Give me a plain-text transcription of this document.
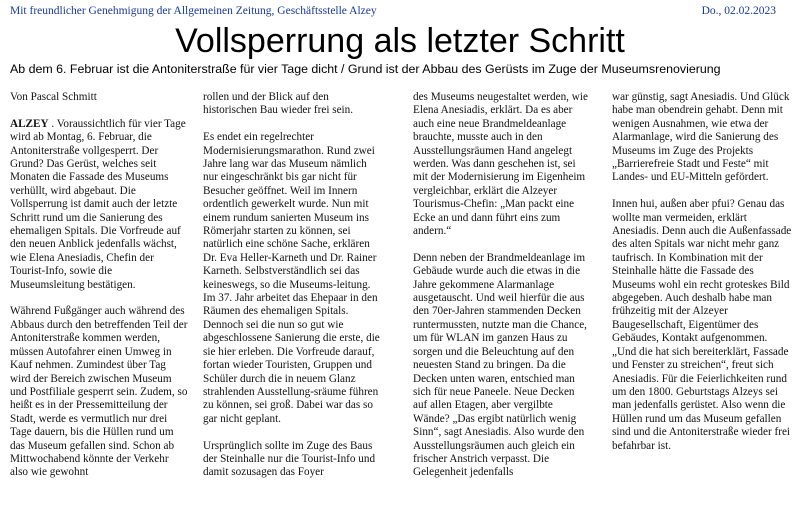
Mit freundlicher Genehmigung der Allgemeinen Zeitung, Geschäftsstelle Alzey	Do., 02.02.2023
Vollsperrung als letzter Schritt
Ab dem 6. Februar ist die Antoniterstraße für vier Tage dicht / Grund ist der Abbau des Gerüsts im Zuge der Museumsrenovierung

Von Pascal Schmitt

ALZEY . Voraussichtlich für vier Tage wird ab Montag, 6. Februar, die Antoniterstraße vollgesperrt. Der Grund? Das Gerüst, welches seit Monaten die Fassade des Museums verhüllt, wird abgebaut. Die Vollsperrung ist damit auch der letzte Schritt rund um die Sanierung des ehemaligen Spitals. Die Vorfreude auf den neuen Anblick jedenfalls wächst, wie Elena Anesiadis, Chefin der Tourist-Info, sowie die Museumsleitung bestätigen.

Während Fußgänger auch während des Abbaus durch den betreffenden Teil der Antoniterstraße kommen werden, müssen Autofahrer einen Umweg in Kauf nehmen. Zumindest über Tag wird der Bereich zwischen Museum und Postfiliale gesperrt sein. Zudem, so heißt es in der Pressemitteilung der Stadt, werde es vermutlich nur drei Tage dauern, bis die Hüllen rund um das Museum gefallen sind. Schon ab Mittwochabend könnte der Verkehr also wie gewohnt

rollen und der Blick auf den historischen Bau wieder frei sein.

Es endet ein regelrechter Modernisierungsmarathon. Rund zwei Jahre lang war das Museum nämlich nur eingeschränkt bis gar nicht für Besucher geöffnet. Weil im Innern ordentlich gewerkelt wurde. Nun mit einem rundum sanierten Museum ins Römerjahr starten zu können, sei natürlich eine schöne Sache, erklären Dr. Eva Heller-Karneth und Dr. Rainer Karneth. Selbstverständlich sei das keineswegs, so die Museums-leitung. Im 37. Jahr arbeitet das Ehepaar in den Räumen des ehemaligen Spitals. Dennoch sei die nun so gut wie abgeschlossene Sanierung die erste, die sie hier erleben. Die Vorfreude darauf, fortan wieder Touristen, Gruppen und Schüler durch die in neuem Glanz strahlenden Ausstellung-sräume führen zu können, sei groß. Dabei war das so gar nicht geplant.

Ursprünglich sollte im Zuge des Baus der Steinhalle nur die Tourist-Info und damit sozusagen das Foyer

des Museums neugestaltet werden, wie Elena Anesiadis, erklärt. Da es aber auch eine neue Brandmeldeanlage brauchte, musste auch in den Ausstellungsräumen Hand angelegt werden. Was dann geschehen ist, sei mit der Modernisierung im Eigenheim vergleichbar, erklärt die Alzeyer Tourismus-Chefin: „Man packt eine Ecke an und dann führt eins zum andern.“

Denn neben der Brandmeldeanlage im Gebäude wurde auch die etwas in die Jahre gekommene Alarmanlage ausgetauscht. Und weil hierfür die aus den 70er-Jahren stammenden Decken runtermussten, nutzte man die Chance, um für WLAN im ganzen Haus zu sorgen und die Beleuchtung auf den neuesten Stand zu bringen. Da die Decken unten waren, entschied man sich für neue Paneele. Neue Decken auf allen Etagen, aber vergilbte Wände? „Das ergibt natürlich wenig Sinn“, sagt Anesiadis. Also wurde den Ausstellungsräumen auch gleich ein frischer Anstrich verpasst. Die Gelegenheit jedenfalls

war günstig, sagt Anesiadis. Und Glück habe man obendrein gehabt. Denn mit wenigen Ausnahmen, wie etwa der Alarmanlage, wird die Sanierung des Museums im Zuge des Projekts „Barrierefreie Stadt und Feste“ mit Landes- und EU-Mitteln gefördert.

Innen hui, außen aber pfui? Genau das wollte man vermeiden, erklärt Anesiadis. Denn auch die Außenfassade des alten Spitals war nicht mehr ganz taufrisch. In Kombination mit der Steinhalle hätte die Fassade des Museums wohl ein recht groteskes Bild abgegeben. Auch deshalb habe man frühzeitig mit der Alzeyer Baugesellschaft, Eigentümer des Gebäudes, Kontakt aufgenommen. „Und die hat sich bereiterklärt, Fassade und Fenster zu streichen“, freut sich Anesiadis. Für die Feierlichkeiten rund um den 1800. Geburtstags Alzeys sei man jedenfalls gerüstet. Also wenn die Hüllen rund um das Museum gefallen sind und die Antoniterstraße wieder frei befahrbar ist.
